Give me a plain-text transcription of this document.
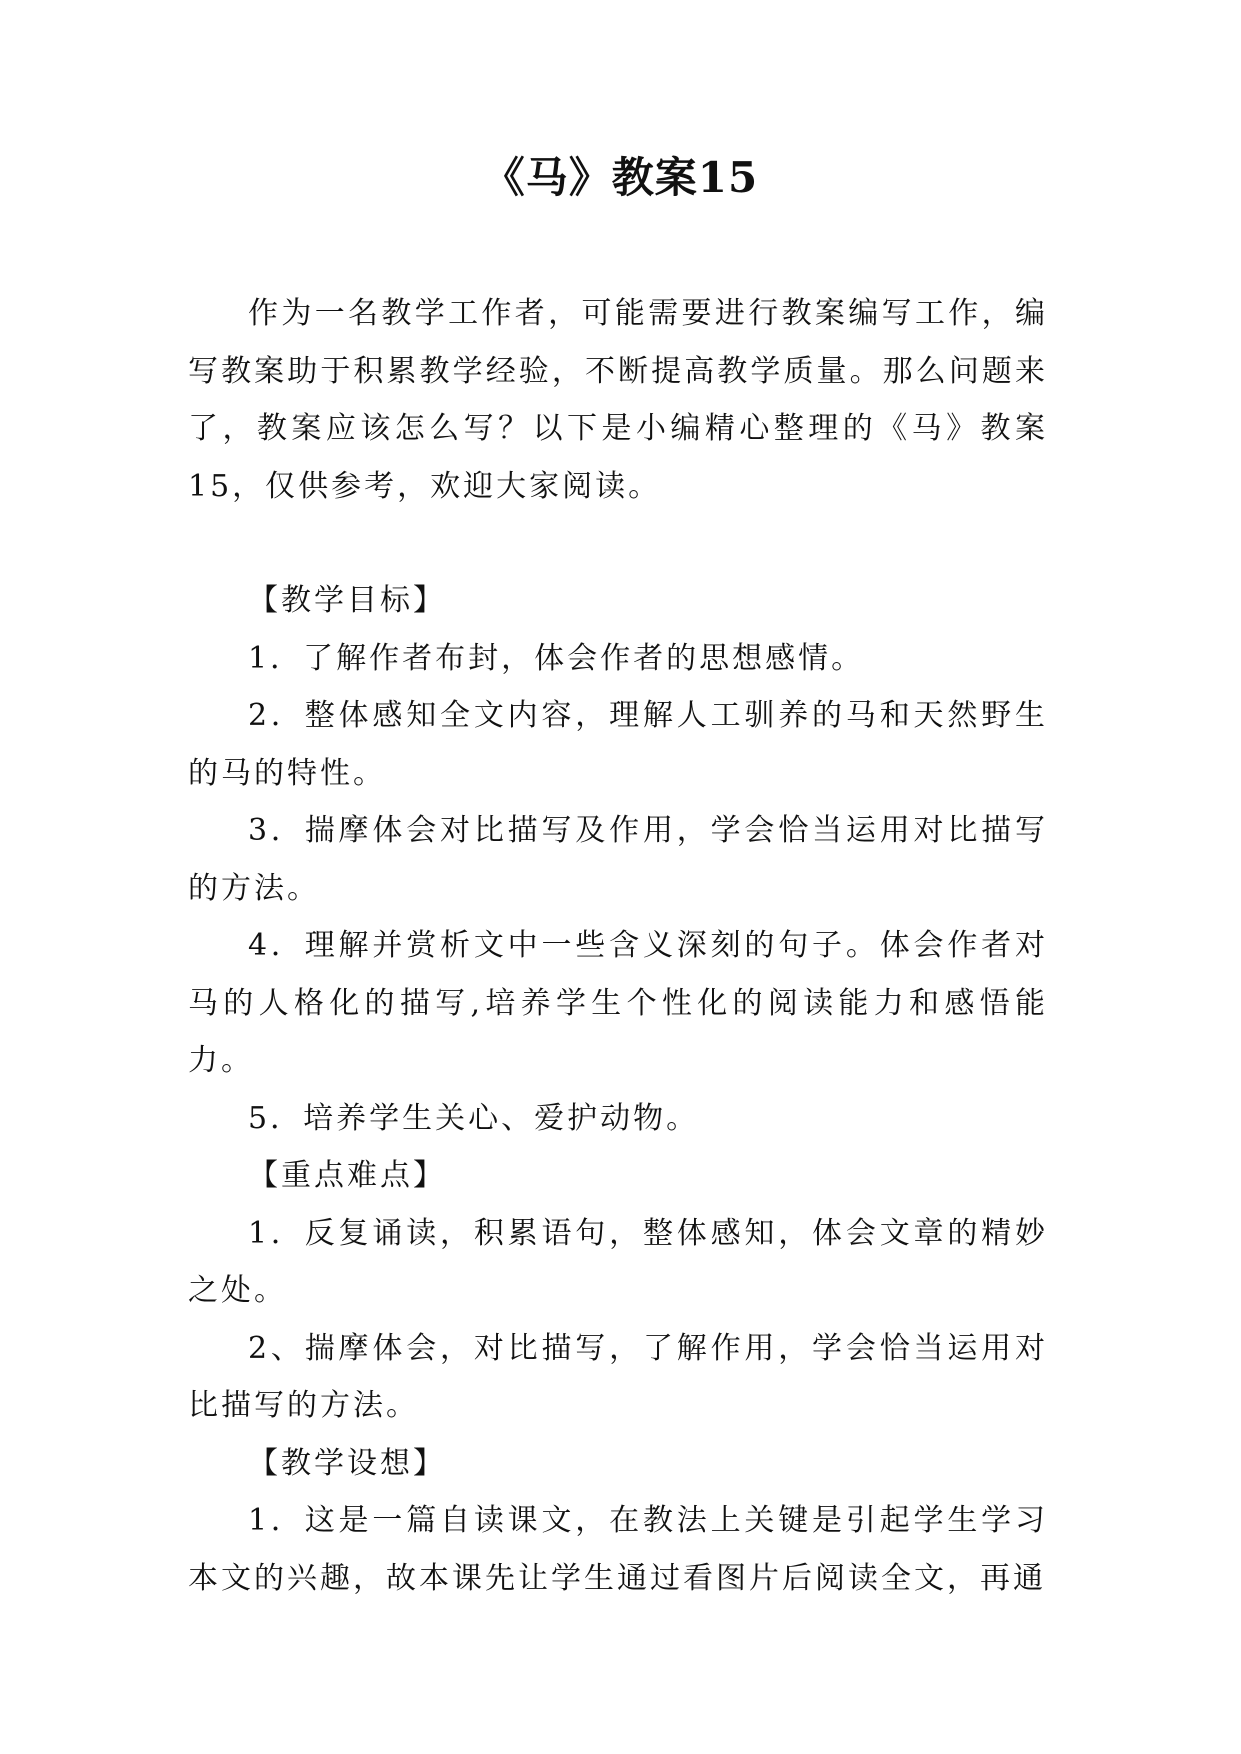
《马》教案15

作为一名教学工作者，可能需要进行教案编写工作，编写教案助于积累教学经验，不断提高教学质量。那么问题来了，教案应该怎么写？以下是小编精心整理的《马》教案15，仅供参考，欢迎大家阅读。

【教学目标】

1．了解作者布封，体会作者的思想感情。

2．整体感知全文内容，理解人工驯养的马和天然野生的马的特性。

3．揣摩体会对比描写及作用，学会恰当运用对比描写的方法。

4．理解并赏析文中一些含义深刻的句子。体会作者对马的人格化的描写,培养学生个性化的阅读能力和感悟能力。

5．培养学生关心、爱护动物。

【重点难点】

1．反复诵读，积累语句，整体感知，体会文章的精妙之处。

2、揣摩体会，对比描写，了解作用，学会恰当运用对比描写的方法。

【教学设想】

1．这是一篇自读课文，在教法上关键是引起学生学习本文的兴趣，故本课先让学生通过看图片后阅读全文，再通
